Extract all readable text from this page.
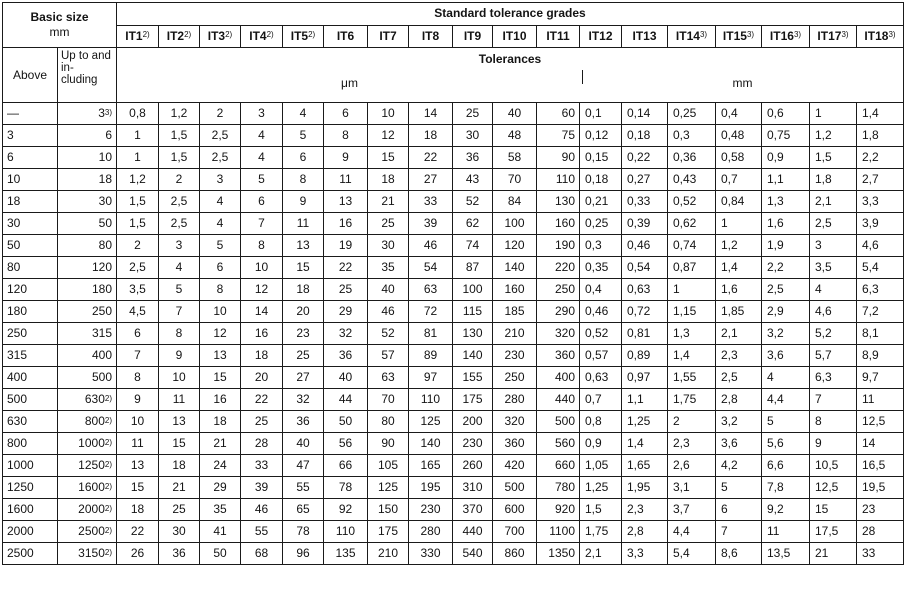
Basic size
mm		Standard tolerance grades																	
		IT1$^{2)}$	IT2$^{2)}$	IT3$^{2)}$	IT4$^{2)}$	IT5$^{2)}$	IT6	IT7	IT8	IT9	IT10	IT11	IT12	IT13	IT14$^{3)}$	IT15$^{3)}$	IT16$^{3)}$	IT17$^{3)}$	IT18$^{3)}$
Above	Up to and in- cluding	Tolerances
μm mm																	

—	3$^{3)}$	0,8	1,2	2	3	4	6	10	14	25	40	60	0,1	0,14	0,25	0,4	0,6	1	1,4
3	6	1	1,5	2,5	4	5	8	12	18	30	48	75	0,12	0,18	0,3	0,48	0,75	1,2	1,8
6	10	1	1,5	2,5	4	6	9	15	22	36	58	90	0,15	0,22	0,36	0,58	0,9	1,5	2,2
10	18	1,2	2	3	5	8	11	18	27	43	70	110	0,18	0,27	0,43	0,7	1,1	1,8	2,7
18	30	1,5	2,5	4	6	9	13	21	33	52	84	130	0,21	0,33	0,52	0,84	1,3	2,1	3,3
30	50	1,5	2,5	4	7	11	16	25	39	62	100	160	0,25	0,39	0,62	1	1,6	2,5	3,9
50	80	2	3	5	8	13	19	30	46	74	120	190	0,3	0,46	0,74	1,2	1,9	3	4,6
80	120	2,5	4	6	10	15	22	35	54	87	140	220	0,35	0,54	0,87	1,4	2,2	3,5	5,4
120	180	3,5	5	8	12	18	25	40	63	100	160	250	0,4	0,63	1	1,6	2,5	4	6,3
180	250	4,5	7	10	14	20	29	46	72	115	185	290	0,46	0,72	1,15	1,85	2,9	4,6	7,2
250	315	6	8	12	16	23	32	52	81	130	210	320	0,52	0,81	1,3	2,1	3,2	5,2	8,1
315	400	7	9	13	18	25	36	57	89	140	230	360	0,57	0,89	1,4	2,3	3,6	5,7	8,9
400	500	8	10	15	20	27	40	63	97	155	250	400	0,63	0,97	1,55	2,5	4	6,3	9,7
500	630$^{2)}$	9	11	16	22	32	44	70	110	175	280	440	0,7	1,1	1,75	2,8	4,4	7	11
630	800$^{2)}$	10	13	18	25	36	50	80	125	200	320	500	0,8	1,25	2	3,2	5	8	12,5
800	1000$^{2)}$	11	15	21	28	40	56	90	140	230	360	560	0,9	1,4	2,3	3,6	5,6	9	14
1000	1250$^{2)}$	13	18	24	33	47	66	105	165	260	420	660	1,05	1,65	2,6	4,2	6,6	10,5	16,5
1250	1600$^{2)}$	15	21	29	39	55	78	125	195	310	500	780	1,25	1,95	3,1	5	7,8	12,5	19,5
1600	2000$^{2)}$	18	25	35	46	65	92	150	230	370	600	920	1,5	2,3	3,7	6	9,2	15	23
2000	2500$^{2)}$	22	30	41	55	78	110	175	280	440	700	1100	1,75	2,8	4,4	7	11	17,5	28
2500	3150$^{2)}$	26	36	50	68	96	135	210	330	540	860	1350	2,1	3,3	5,4	8,6	13,5	21	33
